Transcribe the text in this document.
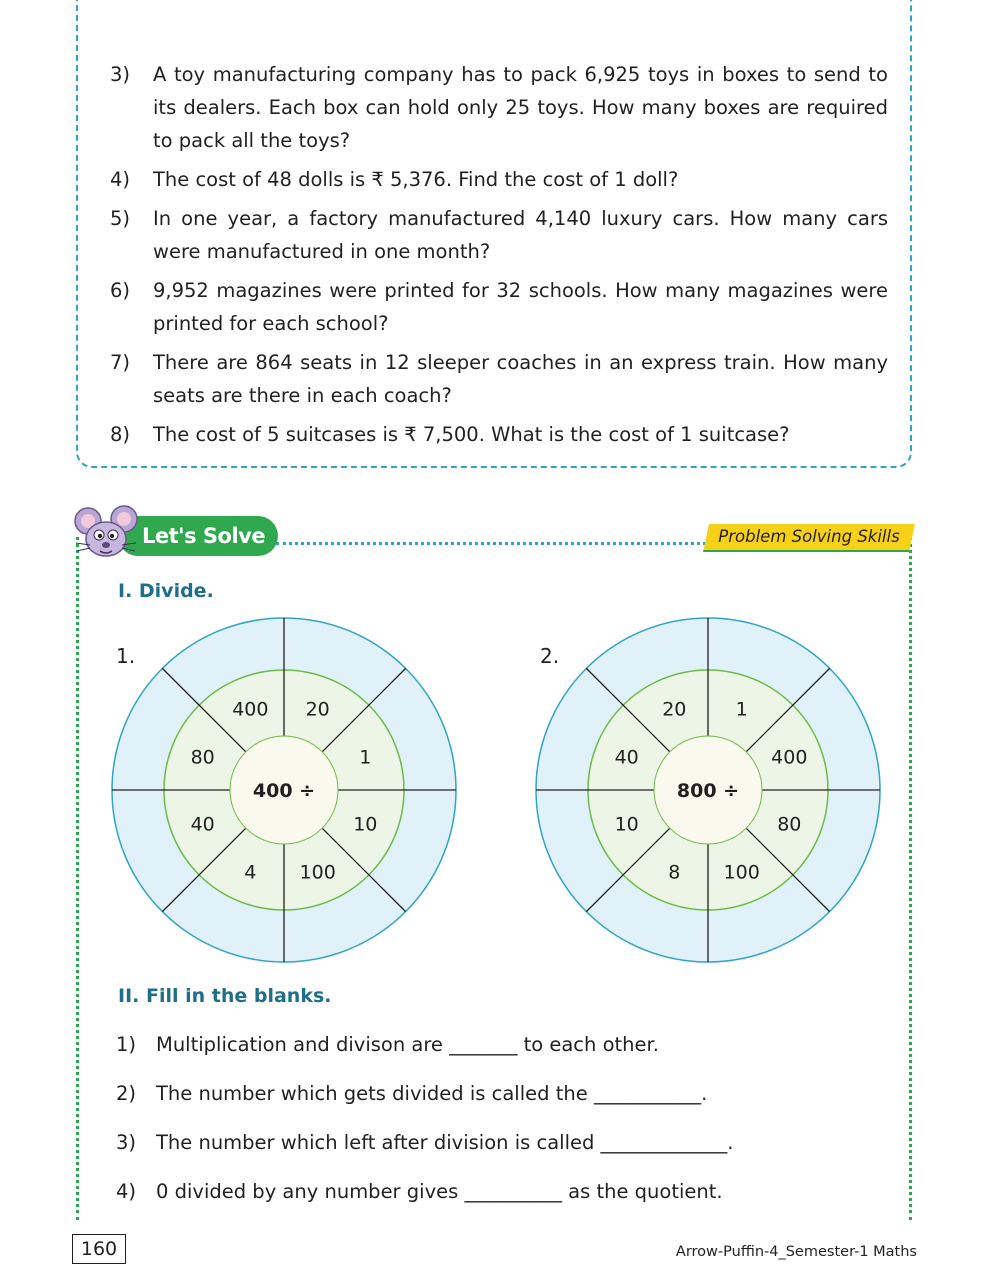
3)	A toy manufacturing company has to pack 6,925 toys in boxes to send to its dealers. Each box can hold only 25 toys. How many boxes are required to pack all the toys?
4)	The cost of 48 dolls is ₹ 5,376. Find the cost of 1 doll?
5)	In one year, a factory manufactured 4,140 luxury cars. How many cars were manufactured in one month?
6)	9,952 magazines were printed for 32 schools. How many magazines were printed for each school?
7)	There are 864 seats in 12 sleeper coaches in an express train. How many seats are there in each coach?
8)	The cost of 5 suitcases is ₹ 7,500. What is the cost of 1 suitcase?
Problem Solving Skills
Let's Solve
I. Divide.
1.
400 ÷
400 20
1
10
100
4
40
80
2.
800 ÷
20	1
400
80
100
8
10
40
II. Fill in the blanks.
1)	Multiplication and divison are _______ to each other.
2)	The number which gets divided is called the ___________.
3)	The number which left after division is called _____________.
4)	0 divided by any number gives __________ as the quotient.
160	Arrow-Puffin-4_Semester-1 Maths
